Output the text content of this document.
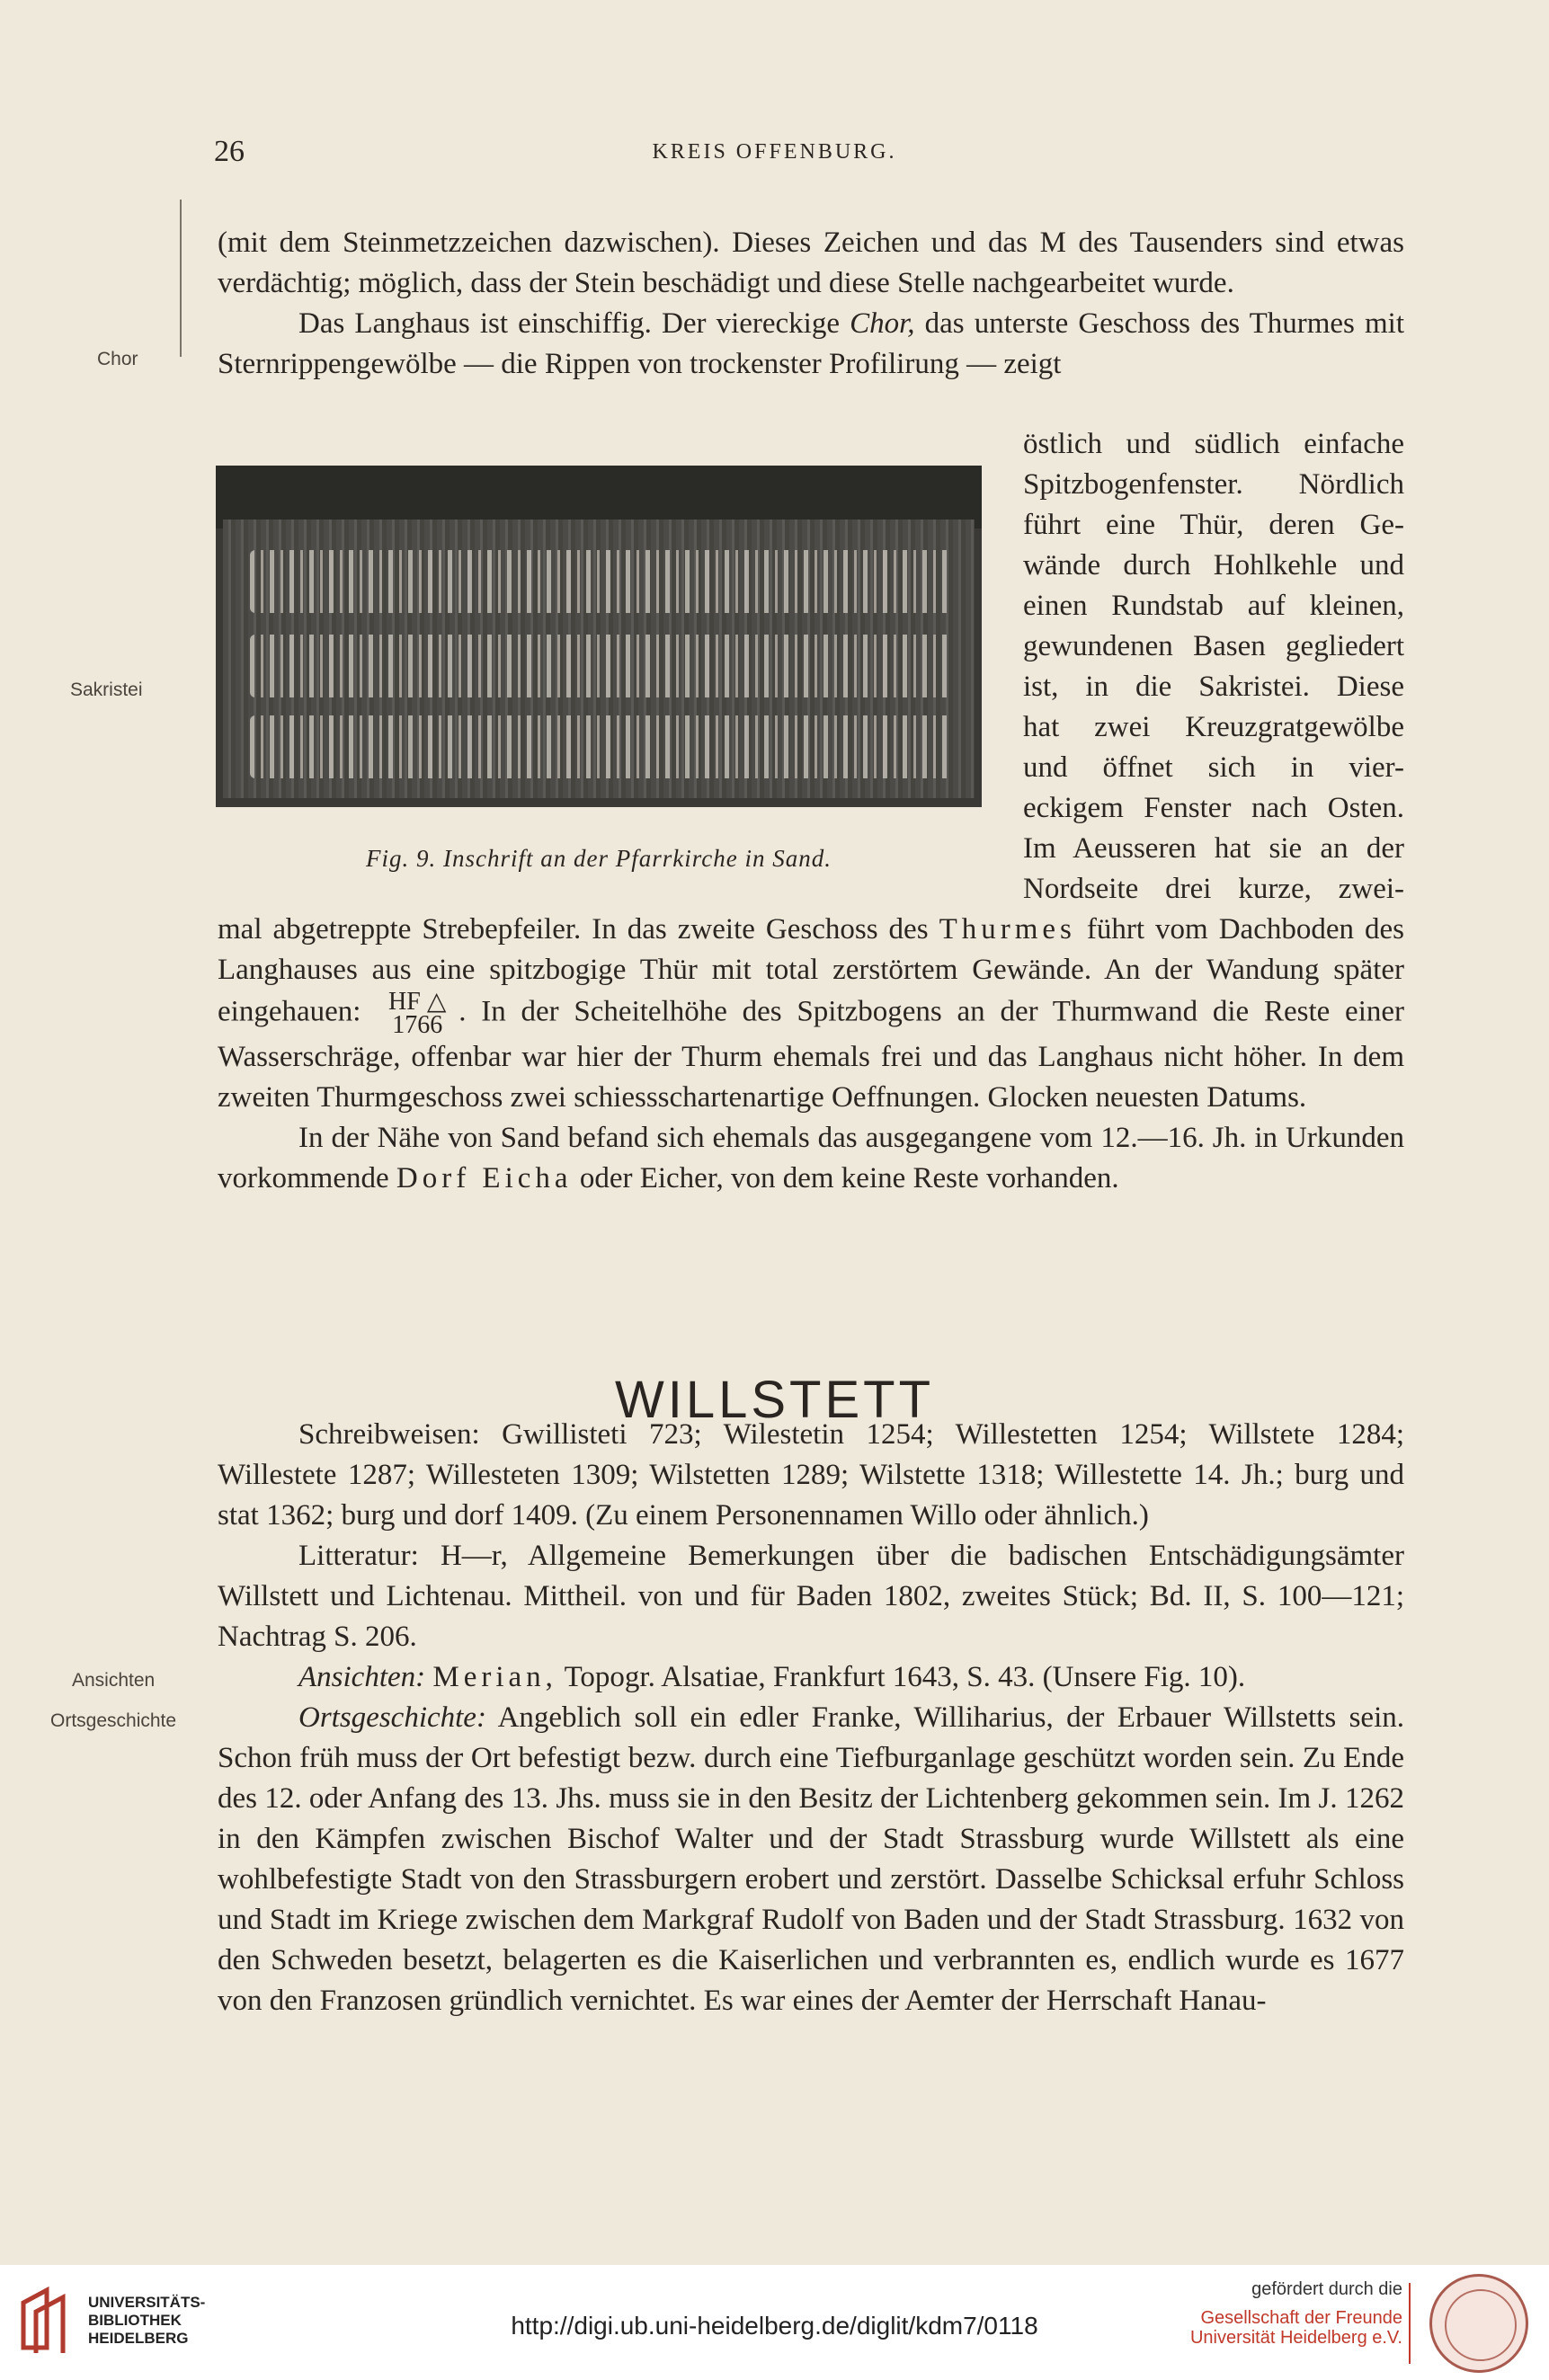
26	KREIS OFFENBURG.
Chor
Sakristei

(mit dem Steinmetzzeichen dazwischen). Dieses Zeichen und das M des Tausenders sind etwas verdächtig; möglich, dass der Stein beschädigt und diese Stelle nachgearbeitet wurde.

Das Langhaus ist einschiffig. Der viereckige Chor, das unterste Geschoss des Thurmes mit Sternrippengewölbe — die Rippen von trockenster Profilirung — zeigt

Fig. 9. Inschrift an der Pfarrkirche in Sand.
östlich und südlich einfache
Spitzbogenfenster. Nördlich
führt eine Thür, deren Ge-
wände durch Hohlkehle und
einen Rundstab auf kleinen,
gewundenen Basen gegliedert
ist, in die Sakristei. Diese
hat zwei Kreuzgratgewölbe
und öffnet sich in vier-
eckigem Fenster nach Osten.
Im Aeusseren hat sie an der
Nordseite drei kurze, zwei-

mal abgetreppte Strebepfeiler. In das zweite Geschoss des Thurmes führt vom Dachboden des Langhauses aus eine spitzbogige Thür mit total zerstörtem Gewände. An der Wandung später eingehauen: HF △
1766 . In der Scheitelhöhe des Spitzbogens an der Thurmwand die Reste einer Wasserschräge, offenbar war hier der Thurm ehemals frei und das Langhaus nicht höher. In dem zweiten Thurmgeschoss zwei schiessschartenartige Oeffnungen. Glocken neuesten Datums.

In der Nähe von Sand befand sich ehemals das ausgegangene vom 12.—16. Jh. in Urkunden vorkommende Dorf Eicha oder Eicher, von dem keine Reste vorhanden.

WILLSTETT
Ansichten
Ortsgeschichte

Schreibweisen: Gwillisteti 723; Wilestetin 1254; Willestetten 1254; Willstete 1284; Willestete 1287; Willesteten 1309; Wilstetten 1289; Wilstette 1318; Willestette 14. Jh.; burg und stat 1362; burg und dorf 1409. (Zu einem Personennamen Willo oder ähnlich.)

Litteratur: H—r, Allgemeine Bemerkungen über die badischen Entschädigungsämter Willstett und Lichtenau. Mittheil. von und für Baden 1802, zweites Stück; Bd. II, S. 100—121; Nachtrag S. 206.

Ansichten: Merian, Topogr. Alsatiae, Frankfurt 1643, S. 43. (Unsere Fig. 10).

Ortsgeschichte: Angeblich soll ein edler Franke, Williharius, der Erbauer Willstetts sein. Schon früh muss der Ort befestigt bezw. durch eine Tiefburganlage geschützt worden sein. Zu Ende des 12. oder Anfang des 13. Jhs. muss sie in den Besitz der Lichtenberg gekommen sein. Im J. 1262 in den Kämpfen zwischen Bischof Walter und der Stadt Strassburg wurde Willstett als eine wohlbefestigte Stadt von den Strassburgern erobert und zerstört. Dasselbe Schicksal erfuhr Schloss und Stadt im Kriege zwischen dem Markgraf Rudolf von Baden und der Stadt Strassburg. 1632 von den Schweden besetzt, belagerten es die Kaiserlichen und verbrannten es, endlich wurde es 1677 von den Franzosen gründlich vernichtet. Es war eines der Aemter der Herrschaft Hanau-

UNIVERSITÄTS-
BIBLIOTHEK
HEIDELBERG	http://digi.ub.uni-heidelberg.de/diglit/kdm7/0118
gefördert durch die
Gesellschaft der Freunde
Universität Heidelberg e.V.
